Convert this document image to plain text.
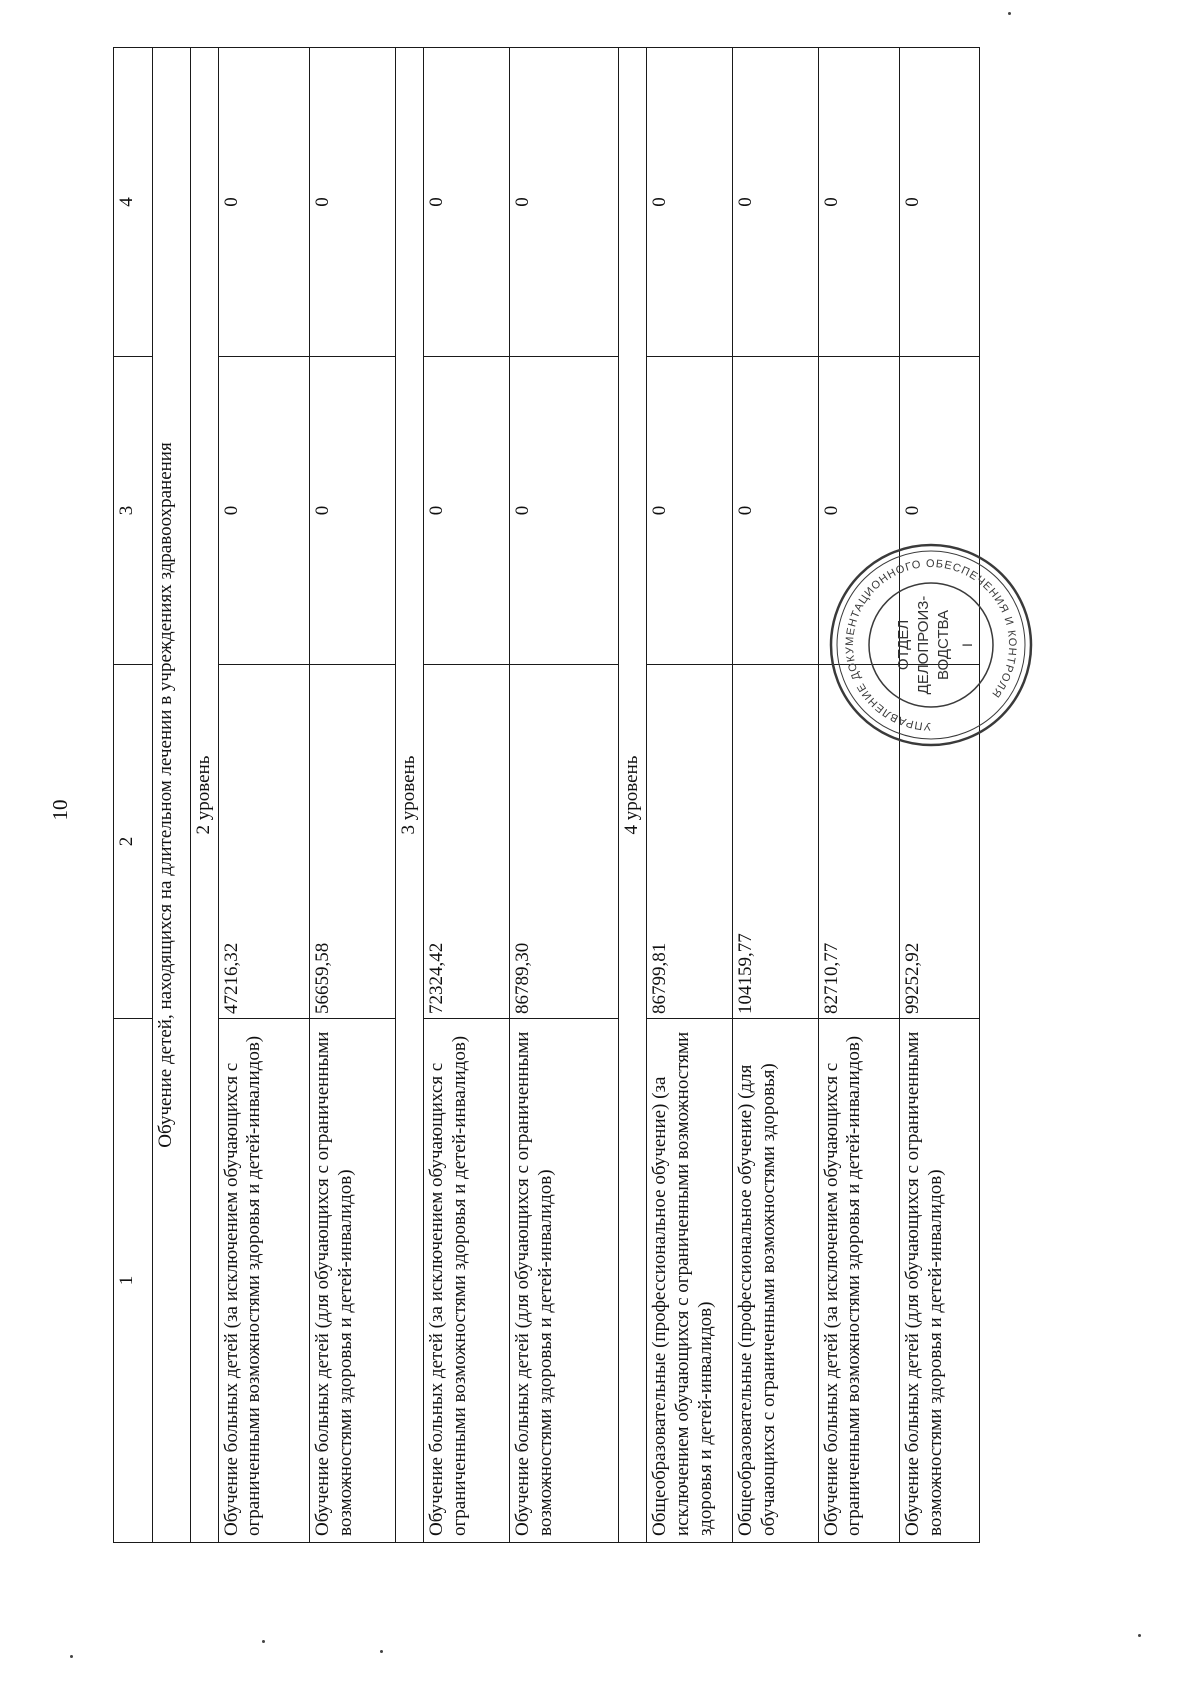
10
1	2	3	4
Обучение детей, находящихся на длительном лечении в учреждениях здравоохранения			
2 уровень			
Обучение больных детей (за исключением обучающихся с ограниченными возможностями здоровья и детей-инвалидов)	47216,32	0	0
Обучение больных детей (для обучающихся с ограниченными возможностями здоровья и детей-инвалидов)	56659,58	0	0
3 уровень			
Обучение больных детей (за исключением обучающихся с ограниченными возможностями здоровья и детей-инвалидов)	72324,42	0	0
Обучение больных детей (для обучающихся с ограниченными возможностями здоровья и детей-инвалидов)	86789,30	0	0
4 уровень			
Общеобразовательные (профессиональное обучение) (за исключением обучающихся с ограниченными возможностями здоровья и детей-инвалидов)	86799,81	0	0
Общеобразовательные (профессиональное обучение) (для обучающихся с ограниченными возможностями здоровья)	104159,77	0	0
Обучение больных детей (за исключением обучающихся с ограниченными возможностями здоровья и детей-инвалидов)	82710,77	0	0
Обучение больных детей (для обучающихся с ограниченными возможностями здоровья и детей-инвалидов)	99252,92	0	0
УПРАВЛЕНИЕ ДОКУМЕНТАЦИОННОГО ОБЕСПЕЧЕНИЯ И КОНТРОЛЯ
ОТДЕЛ ДЕЛОПРОИЗ- ВОДСТВА I
